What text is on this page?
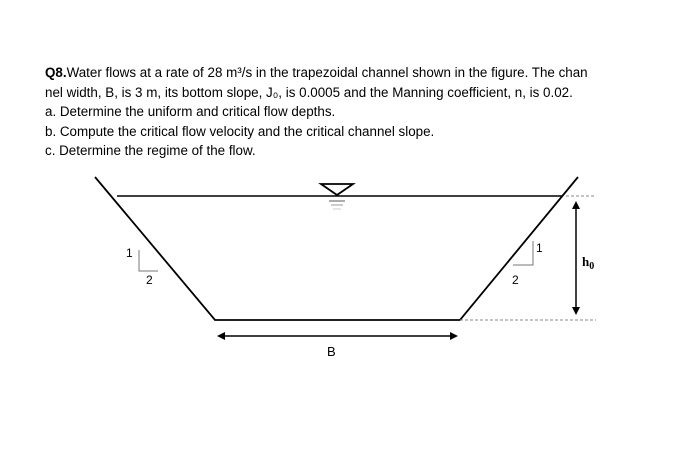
Q8.Water flows at a rate of 28 m³/s in the trapezoidal channel shown in the figure. The chan

nel width, B, is 3 m, its bottom slope, J₀, is 0.0005 and the Manning coefficient, n, is 0.02.

a. Determine the uniform and critical flow depths.

b. Compute the critical flow velocity and the critical channel slope.

c. Determine the regime of the flow.

1
2
1
2
h0
B
